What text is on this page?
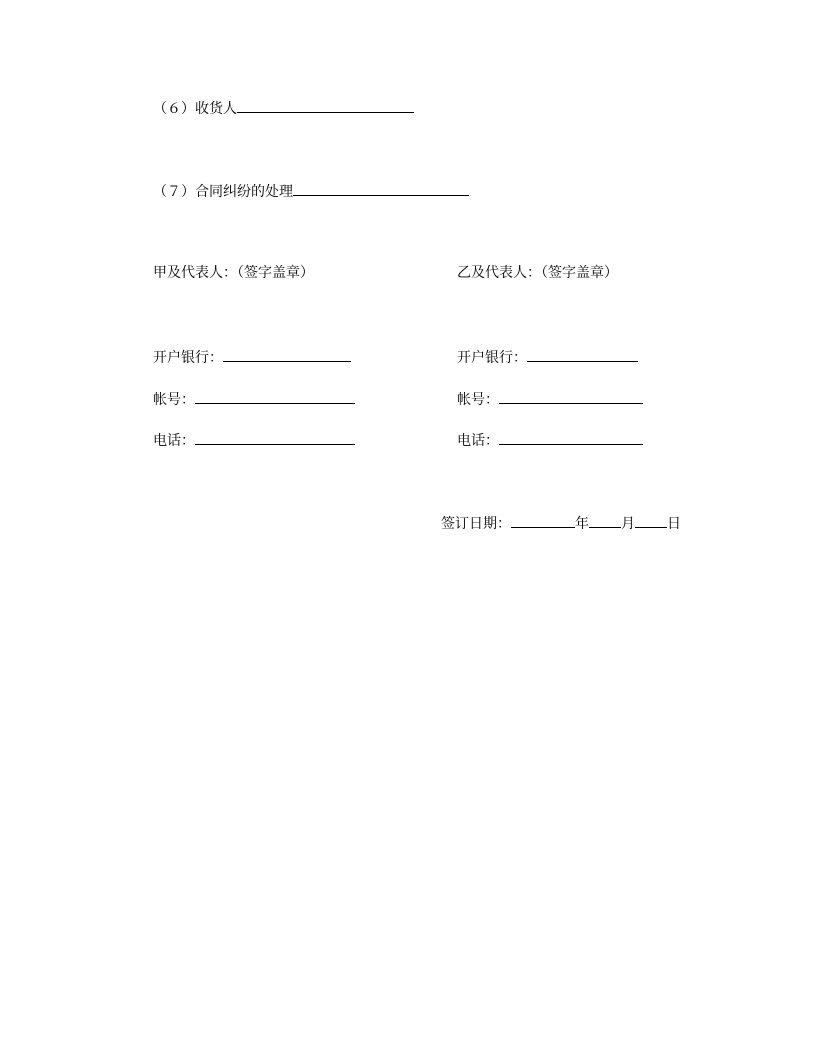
（６）收货人
（７）合同纠纷的处理
甲及代表人：（签字盖章）	乙及代表人：（签字盖章）
开户银行：	开户银行：
帐号：	帐号：
电话：	电话：
签订日期：	年 月 日
